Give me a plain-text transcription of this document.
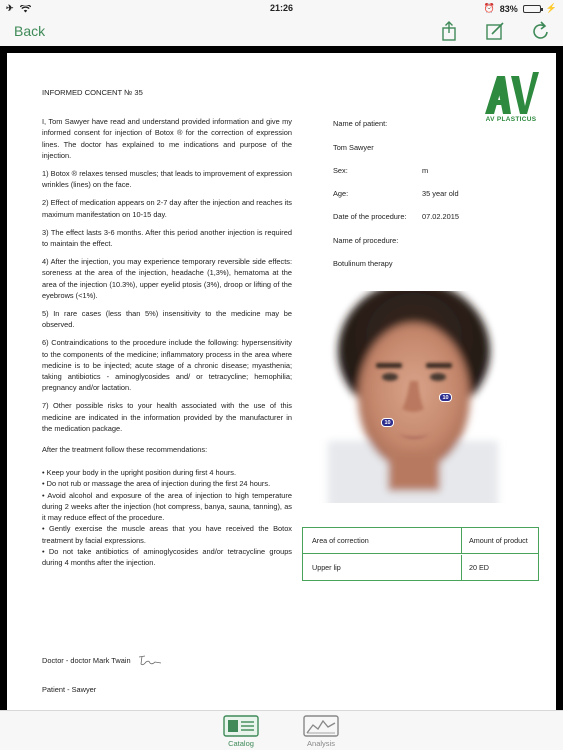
✈	21:26	⏰ 83%	⚡
Back
INFORMED CONCENT № 35
I, Tom Sawyer have read and understand provided information and give my informed consent for injection of Botox ® for the correction of expression lines. The doctor has explained to me indications and purpose of the injection.
1) Botox ® relaxes tensed muscles; that leads to improvement of expression wrinkles (lines) on the face.
2) Effect of medication appears on 2-7 day after the injection and reaches its maximum manifestation on 10-15 day.
3) The effect lasts 3-6 months. After this period another injection is required to maintain the effect.
4) After the injection, you may experience temporary reversible side effects: soreness at the area of the injection, headache (1,3%), hematoma at the area of the injection (10.3%), upper eyelid ptosis (3%), droop or lifting of the eyebrows (<1%).
5) In rare cases (less than 5%) insensitivity to the medicine may be observed.
6) Contraindications to the procedure include the following: hypersensitivity to the components of the medicine; inflammatory process in the area where medicine is to be injected; acute stage of a chronic disease; myasthenia; taking antibiotics - aminoglycosides and/ or tetracycline; hemophilia; pregnancy and/or lactation.
7) Other possible risks to your health associated with the use of this medicine are indicated in the information provided by the manufacturer in the medication package.
After the treatment follow these recommendations:
• Keep your body in the upright position during first 4 hours.
• Do not rub or massage the area of injection during the first 24 hours.
• Avoid alcohol and exposure of the area of injection to high temperature during 2 weeks after the injection (hot compress, banya, sauna, tanning), as it may reduce effect of the procedure.
• Gently exercise the muscle areas that you have received the Botox treatment by facial expressions.
• Do not take antibiotics of aminoglycosides and/or tetracycline groups during 4 months after the injection.
Doctor - doctor Mark Twain
Patient - Sawyer
AV PLASTICUS
Name of patient:
Tom Sawyer
Sex:	m
Age:	35 year old
Date of the procedure: 07.02.2015
Name of procedure:
Botulinum therapy
10
10
Area of correction	Amount of product
Upper lip	20 ED
Catalog	Analysis
